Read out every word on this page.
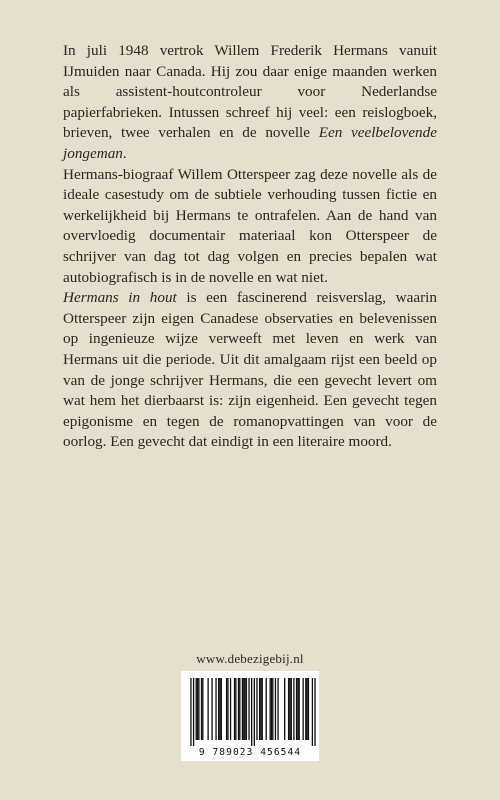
In juli 1948 vertrok Willem Frederik Hermans vanuit IJmuiden naar Canada. Hij zou daar enige maanden werken als assistent-houtcontroleur voor Nederlandse papierfabrieken. Intussen schreef hij veel: een reislogboek, brieven, twee verhalen en de novelle Een veelbelovende jongeman.

Hermans-biograaf Willem Otterspeer zag deze novelle als de ideale casestudy om de subtiele verhouding tussen fictie en werkelijkheid bij Hermans te ontrafelen. Aan de hand van overvloedig documentair materiaal kon Otterspeer de schrijver van dag tot dag volgen en precies bepalen wat autobiografisch is in de novelle en wat niet.

Hermans in hout is een fascinerend reisverslag, waarin Otterspeer zijn eigen Canadese observaties en belevenissen op ingenieuze wijze verweeft met leven en werk van Hermans uit die periode. Uit dit amalgaam rijst een beeld op van de jonge schrijver Hermans, die een gevecht levert om wat hem het dierbaarst is: zijn eigenheid. Een gevecht tegen epigonisme en tegen de romanopvattingen van voor de oorlog. Een gevecht dat eindigt in een literaire moord.

www.debezigebij.nl
9 789023 456544
